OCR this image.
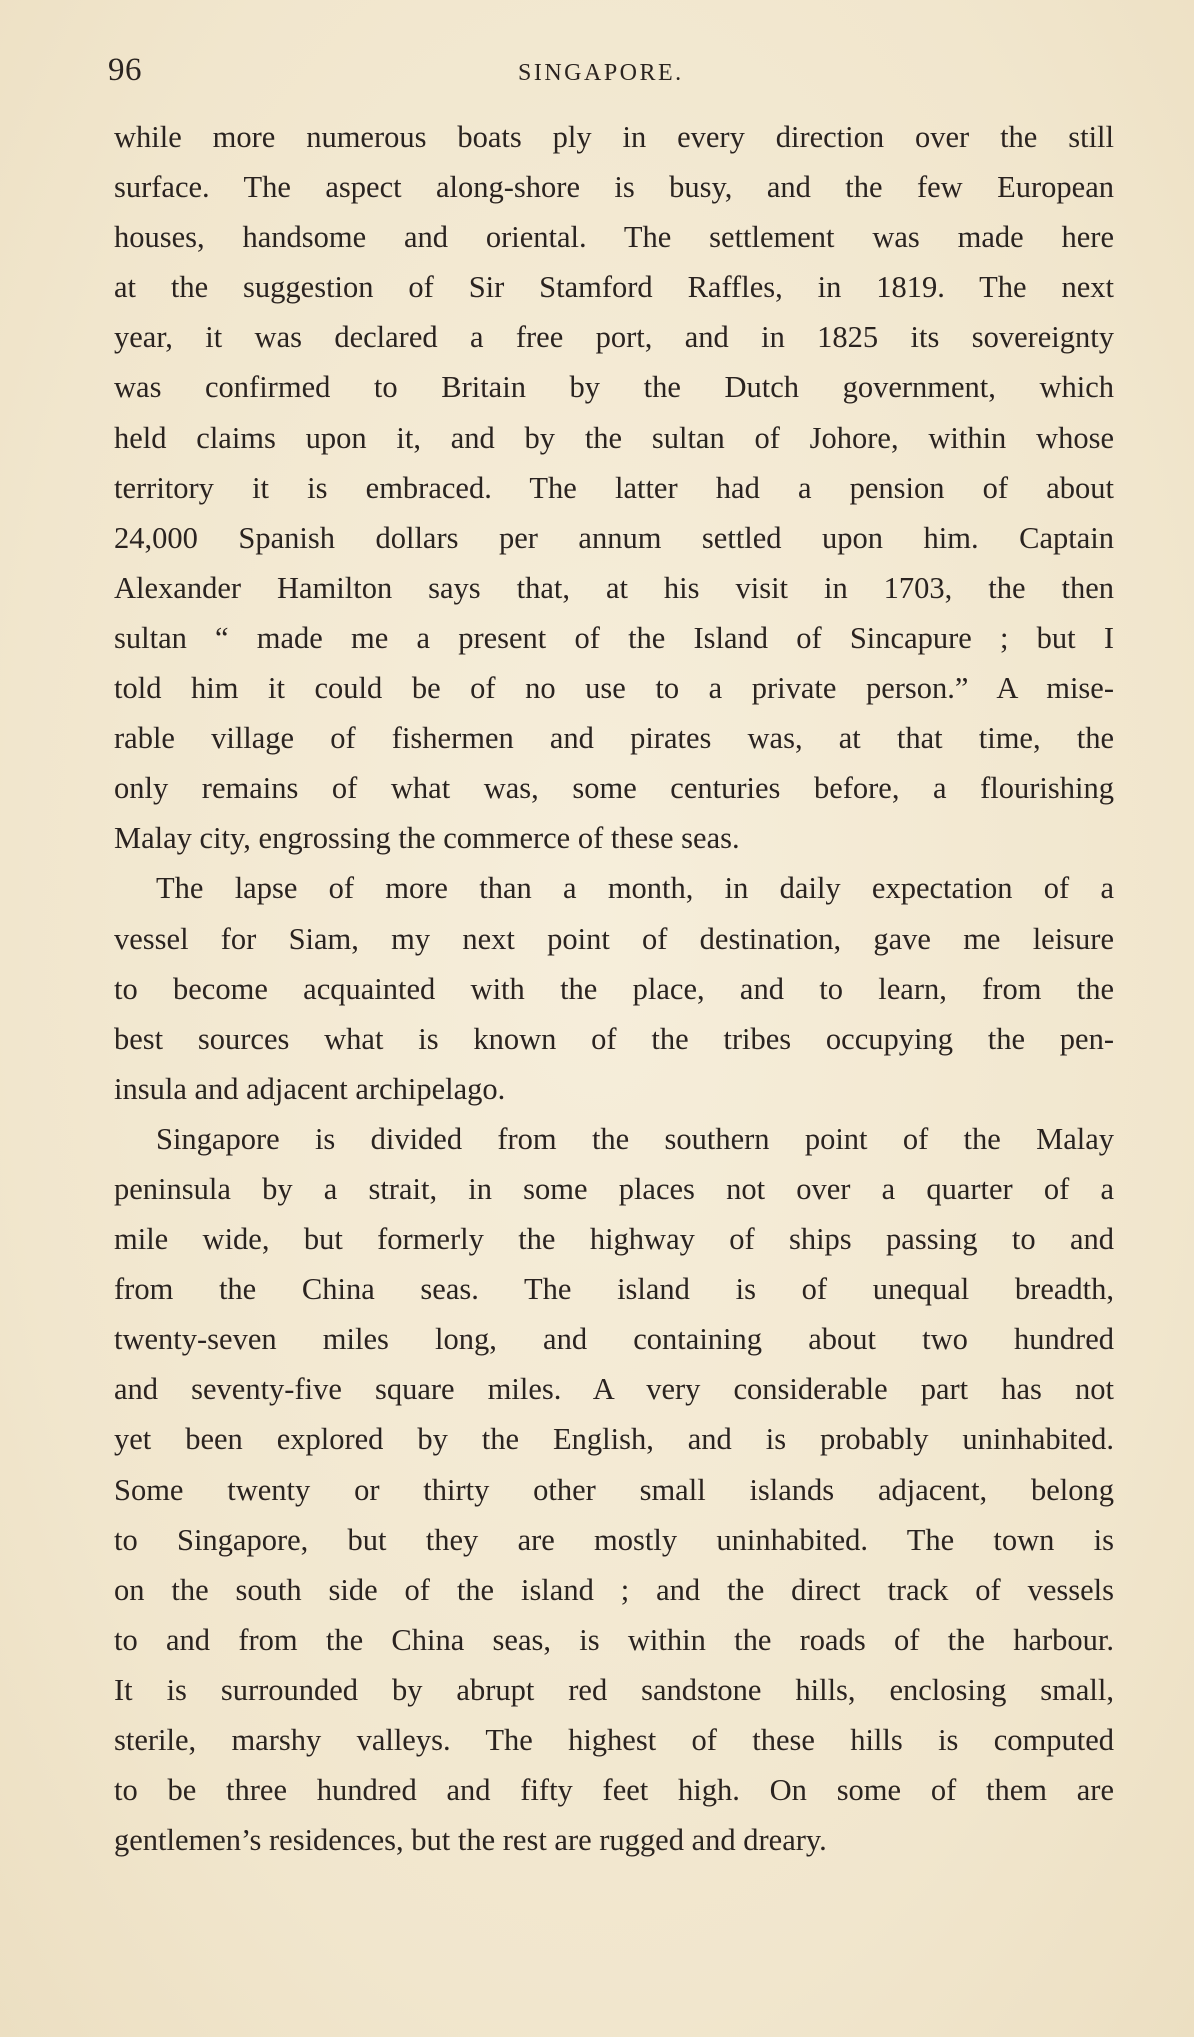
96	SINGAPORE.
while more numerous boats ply in every direction over the still
surface. The aspect along-shore is busy, and the few European
houses, handsome and oriental. The settlement was made here
at the suggestion of Sir Stamford Raffles, in 1819. The next
year, it was declared a free port, and in 1825 its sovereignty
was confirmed to Britain by the Dutch government, which
held claims upon it, and by the sultan of Johore, within whose
territory it is embraced. The latter had a pension of about
24,000 Spanish dollars per annum settled upon him. Captain
Alexander Hamilton says that, at his visit in 1703, the then
sultan “ made me a present of the Island of Sincapure ; but I
told him it could be of no use to a private person.” A mise-
rable village of fishermen and pirates was, at that time, the
only remains of what was, some centuries before, a flourishing
Malay city, engrossing the commerce of these seas.
The lapse of more than a month, in daily expectation of a
vessel for Siam, my next point of destination, gave me leisure
to become acquainted with the place, and to learn, from the
best sources what is known of the tribes occupying the pen-
insula and adjacent archipelago.
Singapore is divided from the southern point of the Malay
peninsula by a strait, in some places not over a quarter of a
mile wide, but formerly the highway of ships passing to and
from the China seas. The island is of unequal breadth,
twenty-seven miles long, and containing about two hundred
and seventy-five square miles. A very considerable part has not
yet been explored by the English, and is probably uninhabited.
Some twenty or thirty other small islands adjacent, belong
to Singapore, but they are mostly uninhabited. The town is
on the south side of the island ; and the direct track of vessels
to and from the China seas, is within the roads of the harbour.
It is surrounded by abrupt red sandstone hills, enclosing small,
sterile, marshy valleys. The highest of these hills is computed
to be three hundred and fifty feet high. On some of them are
gentlemen’s residences, but the rest are rugged and dreary.
